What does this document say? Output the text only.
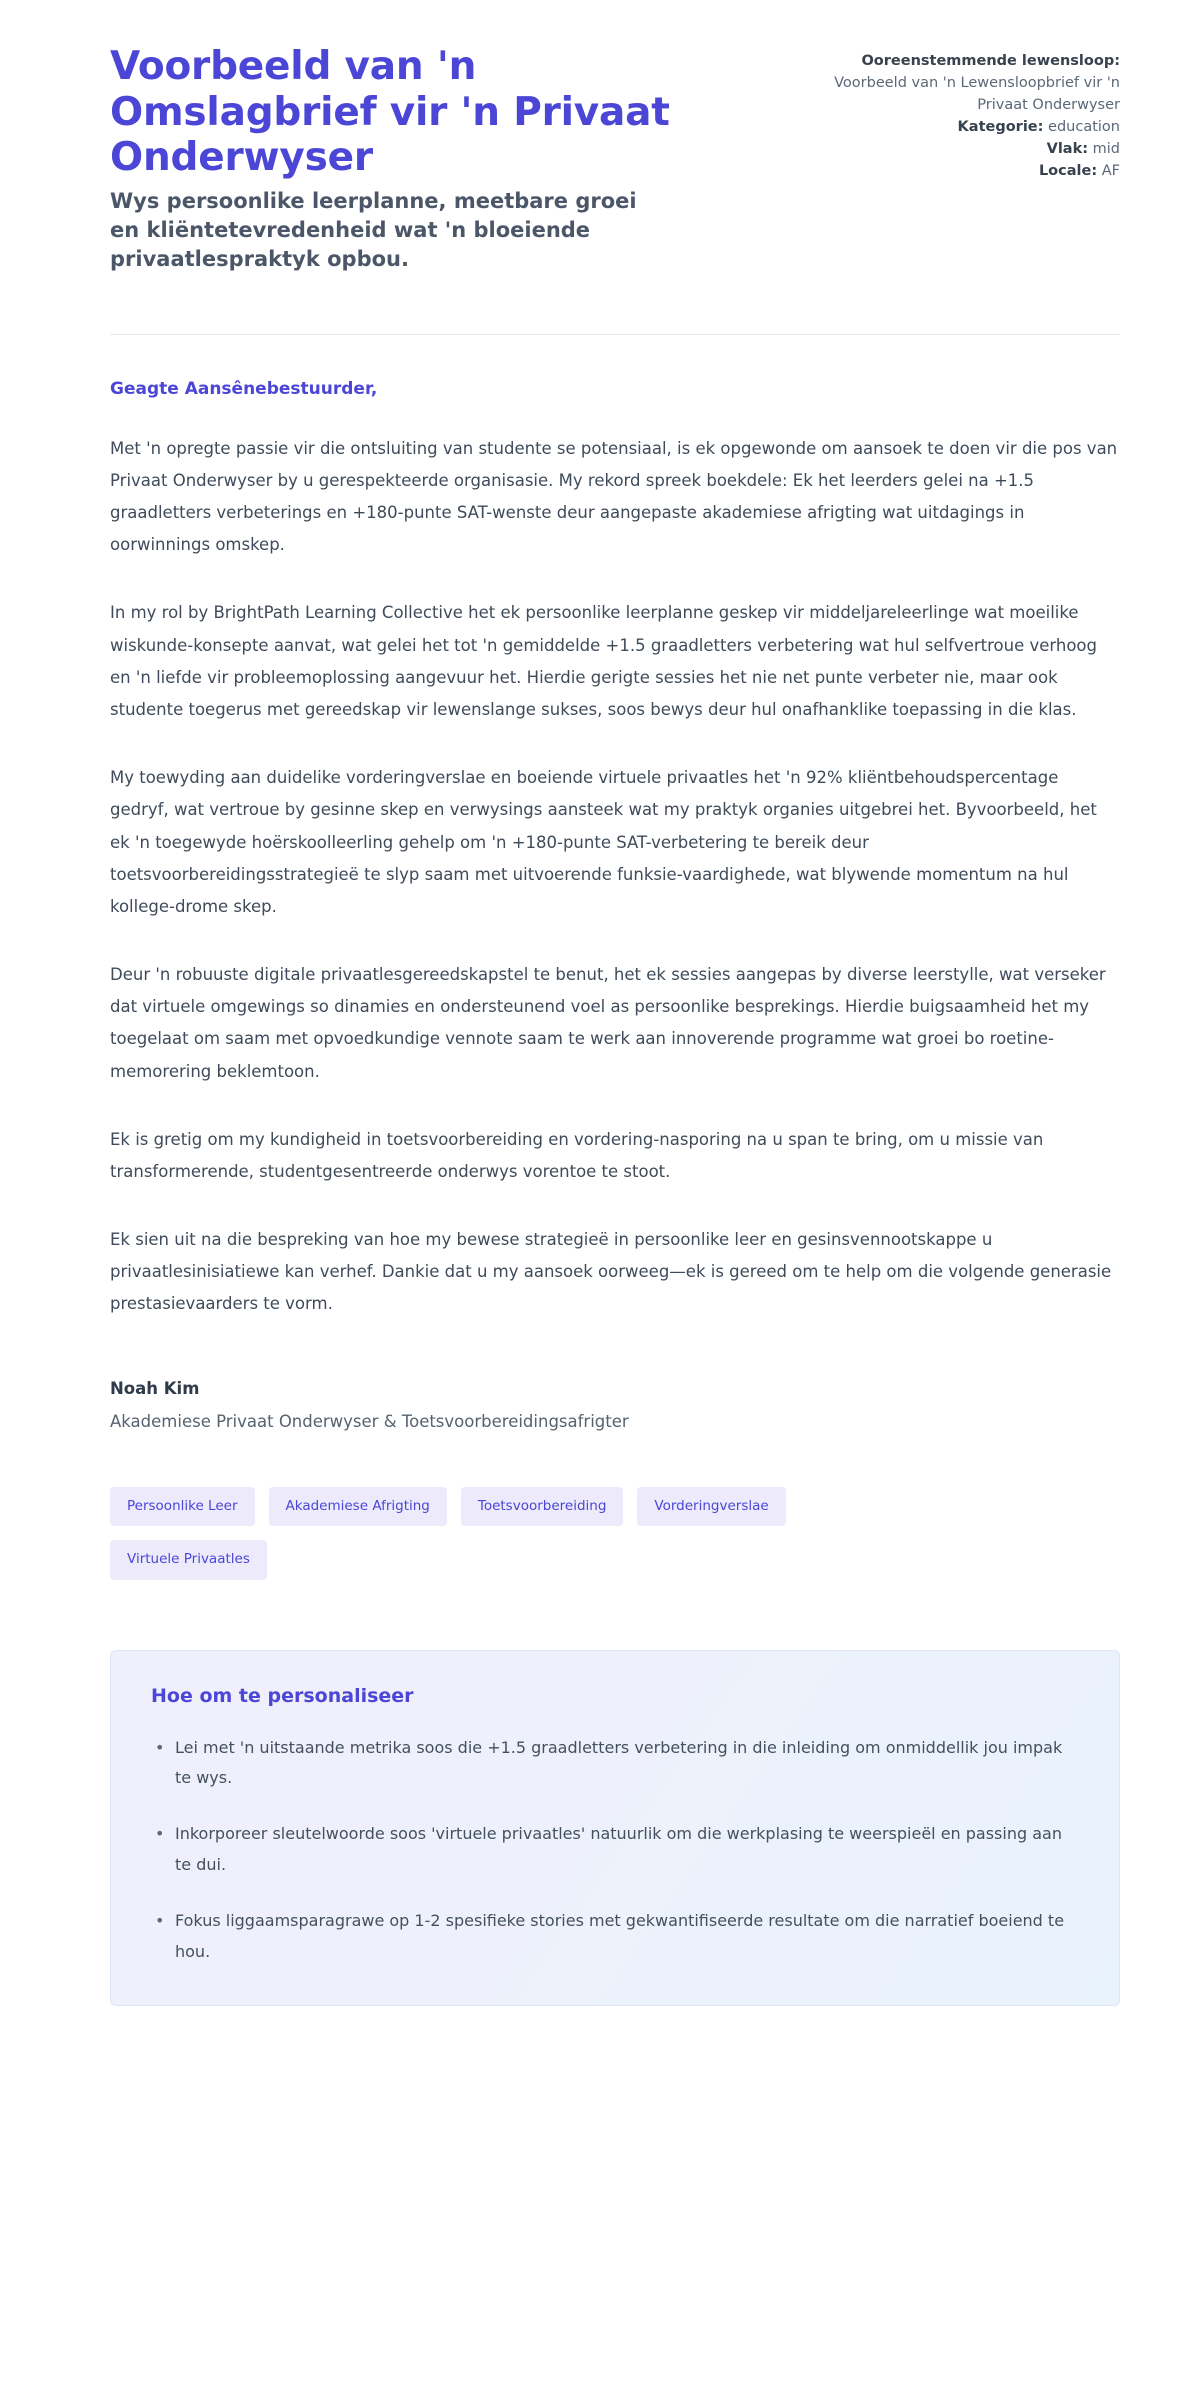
Voorbeeld van 'n Omslagbrief vir 'n Privaat Onderwyser

Wys persoonlike leerplanne, meetbare groei en kliëntetevredenheid wat 'n bloeiende privaatlespraktyk opbou.

Ooreenstemmende lewensloop:
Voorbeeld van 'n Lewensloopbrief vir 'n Privaat Onderwyser
Kategorie: education
Vlak: mid
Locale: AF

Geagte Aansênebestuurder,

Met 'n opregte passie vir die ontsluiting van studente se potensiaal, is ek opgewonde om aansoek te doen vir die pos van Privaat Onderwyser by u gerespekteerde organisasie. My rekord spreek boekdele: Ek het leerders gelei na +1.5 graadletters verbeterings en +180-punte SAT-wenste deur aangepaste akademiese afrigting wat uitdagings in oorwinnings omskep.

In my rol by BrightPath Learning Collective het ek persoonlike leerplanne geskep vir middeljareleerlinge wat moeilike wiskunde-konsepte aanvat, wat gelei het tot 'n gemiddelde +1.5 graadletters verbetering wat hul selfvertroue verhoog en 'n liefde vir probleemoplossing aangevuur het. Hierdie gerigte sessies het nie net punte verbeter nie, maar ook studente toegerus met gereedskap vir lewenslange sukses, soos bewys deur hul onafhanklike toepassing in die klas.

My toewyding aan duidelike vorderingverslae en boeiende virtuele privaatles het 'n 92% kliëntbehoudspercentage gedryf, wat vertroue by gesinne skep en verwysings aansteek wat my praktyk organies uitgebrei het. Byvoorbeeld, het ek 'n toegewyde hoërskoolleerling gehelp om 'n +180-punte SAT-verbetering te bereik deur toetsvoorbereidingsstrategieë te slyp saam met uitvoerende funksie-vaardighede, wat blywende momentum na hul kollege-drome skep.

Deur 'n robuuste digitale privaatlesgereedskapstel te benut, het ek sessies aangepas by diverse leerstylle, wat verseker dat virtuele omgewings so dinamies en ondersteunend voel as persoonlike besprekings. Hierdie buigsaamheid het my toegelaat om saam met opvoedkundige vennote saam te werk aan innoverende programme wat groei bo roetine-memorering beklemtoon.

Ek is gretig om my kundigheid in toetsvoorbereiding en vordering-nasporing na u span te bring, om u missie van transformerende, studentgesentreerde onderwys vorentoe te stoot.

Ek sien uit na die bespreking van hoe my bewese strategieë in persoonlike leer en gesinsvennootskappe u privaatlesinisiatiewe kan verhef. Dankie dat u my aansoek oorweeg—ek is gereed om te help om die volgende generasie prestasievaarders te vorm.

Noah Kim

Akademiese Privaat Onderwyser & Toetsvoorbereidingsafrigter

Persoonlike Leer	Akademiese Afrigting	Toetsvoorbereiding	Vorderingverslae
Virtuele Privaatles
Hoe om te personaliseer
• Lei met 'n uitstaande metrika soos die +1.5 graadletters verbetering in die inleiding om onmiddellik jou impak te wys.
• Inkorporeer sleutelwoorde soos 'virtuele privaatles' natuurlik om die werkplasing te weerspieël en passing aan te dui.
• Fokus liggaamsparagrawe op 1-2 spesifieke stories met gekwantifiseerde resultate om die narratief boeiend te hou.
